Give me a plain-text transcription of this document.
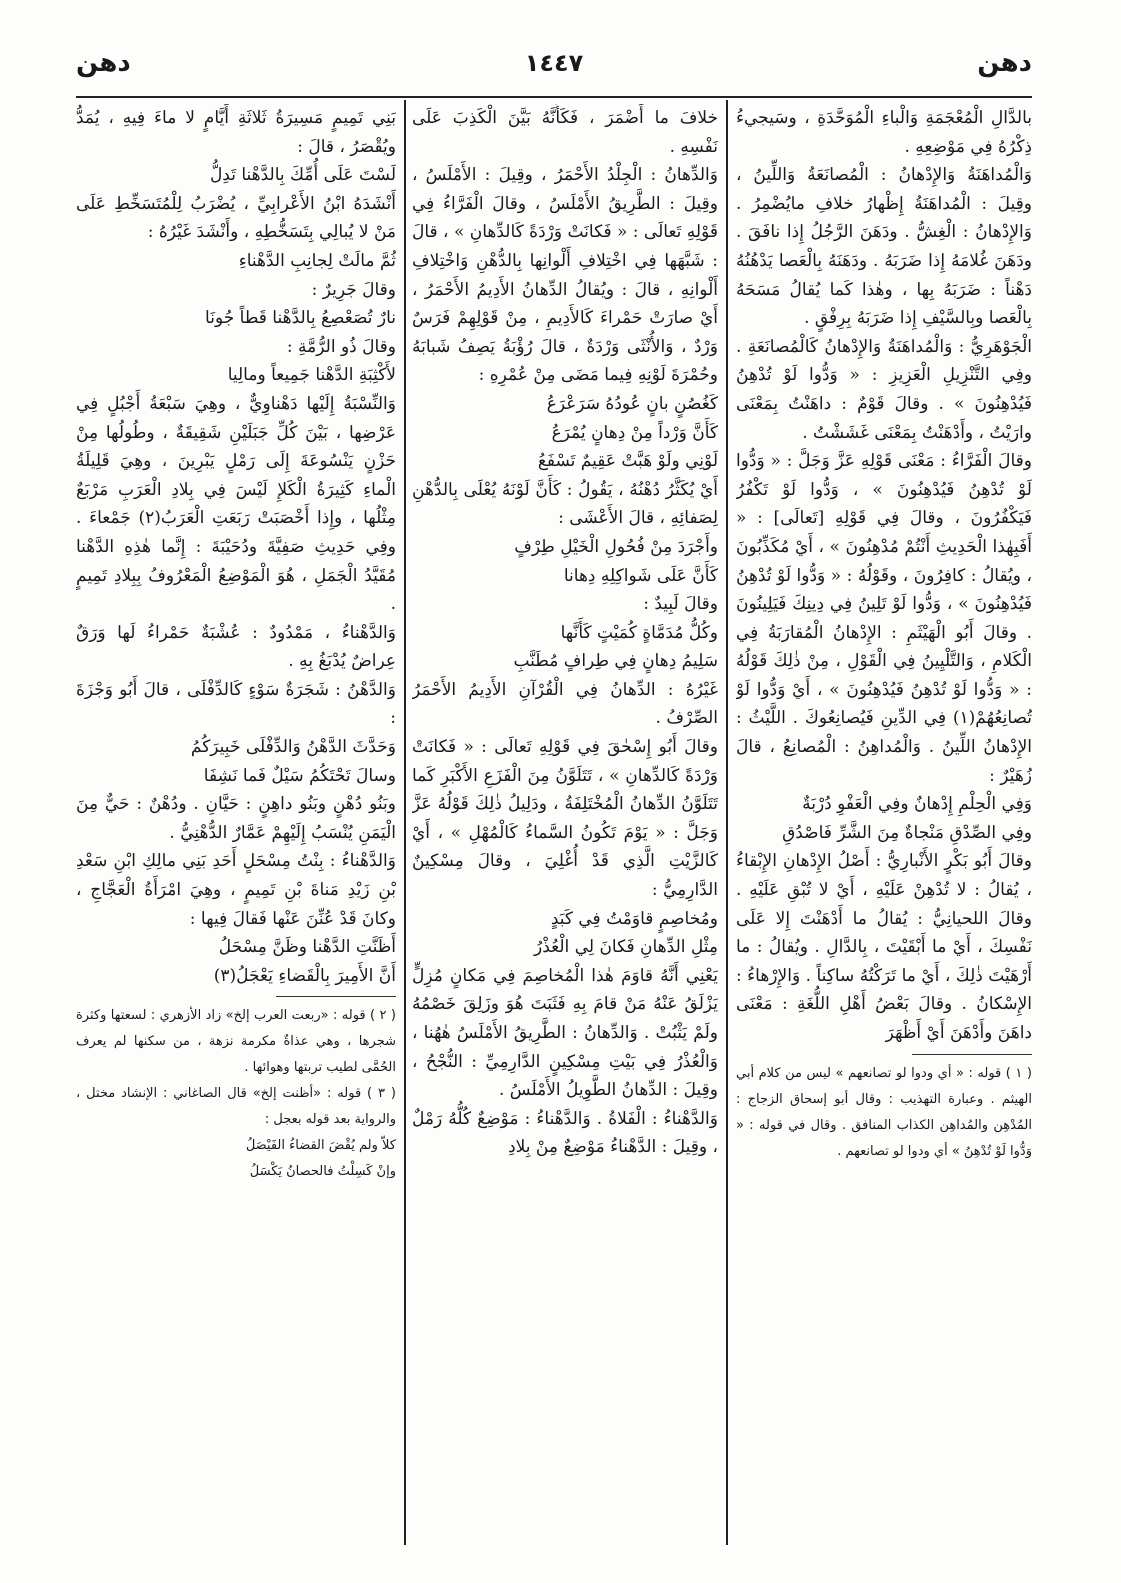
دهن
١٤٤٧
دهن

بالدَّالِ الْمُعْجَمَةِ وَالْباءِ الْمُوَحَّدَةِ ، وسَيجيءُ ذِكْرُهُ فِي مَوْضِعِهِ .

وَالْمُداهَنَةُ وَالإِدْهانُ : الْمُصانَعَةُ وَاللِّينُ ، وقِيلَ : الْمُداهَنَةُ إِظْهارُ خلافِ مايُضْمِرُ . وَالإِدْهانُ : الْغِشُّ . ودَهَنَ الرَّجُلُ إِذا نافَقَ . ودَهَنَ غُلامَهُ إِذا ضَرَبَهُ . ودَهَنَهُ بِالْعَصا يَدْهُنُهُ دَهْناً : ضَرَبَهُ بِها ، وهٰذا كَما يُقالُ مَسَحَهُ بِالْعَصا وبِالسَّيْفِ إِذا ضَرَبَهُ بِرِفْقٍ .

الْجَوْهَرِيُّ : وَالْمُداهَنَةُ وَالإِدْهانُ كَالْمُصانَعَةِ . وفِي التَّنْزِيلِ الْعَزِيزِ : « وَدُّوا لَوْ تُدْهِنُ فَيُدْهِنُونَ » . وقالَ قَوْمٌ : داهَنْتُ بِمَعْنَى وارَيْتُ ، وأَدْهَنْتُ بِمَعْنَى غَشَشْتُ .

وقالَ الْفَرَّاءُ : مَعْنَى قَوْلِهِ عَزَّ وَجَلَّ : « وَدُّوا لَوْ تُدْهِنُ فَيُدْهِنُونَ » ، وَدُّوا لَوْ تَكْفُرُ فَيَكْفُرُونَ ، وقالَ فِي قَوْلِهِ [تَعالَى] : « أَفَبِهٰذا الْحَدِيثِ أَنْتُمْ مُدْهِنُونَ » ، أَيْ مُكَذِّبُونَ ، ويُقالُ : كافِرُونَ ، وقَوْلُهُ : « وَدُّوا لَوْ تُدْهِنُ فَيُدْهِنُونَ » ، وَدُّوا لَوْ تَلِينُ فِي دِينِكَ فَيَلِينُونَ . وقالَ أَبُو الْهَيْثَمِ : الإِدْهانُ الْمُقارَبَةُ فِي الْكَلامِ ، وَالتَّلْيِينُ فِي الْقَوْلِ ، مِنْ ذٰلِكَ قَوْلُهُ : « وَدُّوا لَوْ تُدْهِنُ فَيُدْهِنُونَ » ، أَيْ وَدُّوا لَوْ تُصانِعُهُمْ(١) فِي الدِّينِ فَيُصانِعُوكَ . اللَّيْثُ : الإِدْهانُ اللِّينُ . وَالْمُداهِنُ : الْمُصانِعُ ، قالَ زُهَيْرٌ :

وَفِي الْحِلْمِ إِدْهانٌ وفِي الْعَفْوِ دُرْبَةٌ

وفِي الصِّدْقِ مَنْجاةٌ مِنَ الشَّرِّ فَاصْدُقِ

وقالَ أَبُو بَكْرٍ الأَنْبارِيُّ : أَصْلُ الإِدْهانِ الإِبْقاءُ ، يُقالُ : لا تُدْهِنْ عَلَيْهِ ، أَيْ لا تُبْقِ عَلَيْهِ . وقالَ اللحيانِيُّ : يُقالُ ما أَدْهَنْتَ إِلا عَلَى نَفْسِكَ ، أَيْ ما أَبْقَيْتَ ، بِالدَّالِ . ويُقالُ : ما أَرْهَيْتَ ذٰلِكَ ، أَيْ ما تَرَكْتُهُ ساكِناً . وَالإِرْهاءُ : الإِسْكانُ . وقالَ بَعْضُ أَهْلِ اللُّغَةِ : مَعْنَى داهَنَ وأَدْهَنَ أَيْ أَظْهَرَ

( ١ ) قوله : « أي ودوا لو تصانعهم » ليس من كلام أبي الهيثم . وعبارة التهذيب : وقال أبو إسحاق الزجاج : المُدْهِن والمُداهِن الكذاب المنافق . وقال في قوله : « وَدُّوا لَوْ تُدْهِنُ » أي ودوا لو تصانعهم .

خلافَ ما أَضْمَرَ ، فَكَأَنَّهُ بَيَّنَ الْكَذِبَ عَلَى نَفْسِهِ .

وَالدِّهانُ : الْجِلْدُ الأَحْمَرُ ، وقِيلَ : الأَمْلَسُ ، وقِيلَ : الطَّرِيقُ الأَمْلَسُ ، وقالَ الْفَرَّاءُ فِي قَوْلِهِ تَعالَى : « فَكانَتْ وَرْدَةً كَالدِّهانِ » ، قالَ : شَبَّهَها فِي اخْتِلافِ أَلْوانِها بِالدُّهْنِ وَاخْتِلافِ أَلْوانِهِ ، قالَ : ويُقالُ الدِّهانُ الأَدِيمُ الأَحْمَرُ ، أَيْ صارَتْ حَمْراءَ كَالأَدِيمِ ، مِنْ قَوْلِهِمْ فَرَسٌ وَرْدٌ ، وَالأُنْثَى وَرْدَةٌ ، قالَ رُؤْبَةُ يَصِفُ شَبابَهُ وحُمْرَةَ لَوْنِهِ فِيما مَضَى مِنْ عُمْرِهِ :

كَغُصُنٍ بانٍ عُودُهُ سَرَعْرَعُ

كَأَنَّ وَرْداً مِنْ دِهانٍ يُمْرَعُ

لَوْنِي ولَوْ هَبَّتْ عَقِيمٌ تَسْفَعُ

أَيْ يُكَثَّرُ دُهْنُهُ ، يَقُولُ : كَأَنَّ لَوْنَهُ يُعْلَى بِالدُّهْنِ لِصَفائِهِ ، قالَ الأَعْشَى :

وأَجْرَدَ مِنْ فُحُولِ الْخَيْلِ طِرْفٍ

كَأَنَّ عَلَى شَواكِلِهِ دِهانا

وقالَ لَبِيدٌ :

وكُلُّ مُدَمَّاةٍ كُمَيْتٍ كَأَنَّها

سَلِيمُ دِهانٍ فِي طِرافٍ مُطَنَّبِ

غَيْرُهُ : الدِّهانُ فِي الْقُرْآنِ الأَدِيمُ الأَحْمَرُ الصِّرْفُ .

وقالَ أَبُو إِسْحٰقَ فِي قَوْلِهِ تَعالَى : « فَكانَتْ وَرْدَةً كَالدِّهانِ » ، تَتَلَوَّنُ مِنَ الْفَزَعِ الأَكْبَرِ كَما تَتَلَوَّنُ الدِّهانُ الْمُخْتَلِفَةُ ، ودَلِيلُ ذٰلِكَ قَوْلُهُ عَزَّ وَجَلَّ : « يَوْمَ تَكُونُ السَّماءُ كَالْمُهْلِ » ، أَيْ كَالزَّيْتِ الَّذِي قَدْ أُغْلِيَ ، وقالَ مِسْكِينٌ الدَّارِمِيُّ :

ومُخاصِمٍ قاوَمْتُ فِي كَبَدٍ

مِثْلِ الدِّهانِ فَكانَ لِي الْعُذْرُ

يَعْنِي أَنَّهُ قاوَمَ هٰذا الْمُخاصِمَ فِي مَكانٍ مُزِلٍّ يَزْلَقُ عَنْهُ مَنْ قامَ بِهِ فَثَبَتَ هُوَ وزَلِقَ خَصْمُهُ ولَمْ يَثْبُتْ . وَالدِّهانُ : الطَّرِيقُ الأَمْلَسُ هٰهُنا ، وَالْعُذْرُ فِي بَيْتِ مِسْكِينٍ الدَّارِمِيِّ : النُّجْحُ ، وقِيلَ : الدِّهانُ الطَّوِيلُ الأَمْلَسُ .

وَالدَّهْناءُ : الْفَلاةُ . وَالدَّهْناءُ : مَوْضِعٌ كُلُّهُ رَمْلٌ ، وقِيلَ : الدَّهْناءُ مَوْضِعٌ مِنْ بِلادِ

بَنِي تَمِيمٍ مَسِيرَةُ ثَلاثَةِ أَيَّامٍ لا ماءَ فِيهِ ، يُمَدُّ ويُقْصَرُ ، قالَ :

لَسْتَ عَلَى أُمِّكَ بِالدَّهْنا تَدِلُّ

أَنْشَدَهُ ابْنُ الأَعْرابِيِّ ، يُضْرَبُ لِلْمُتَسَخِّطِ عَلَى مَنْ لا يُبالِي بِتَسَخُّطِهِ ، وأَنْشَدَ غَيْرُهُ :

ثُمَّ مالَتْ لِجانِبِ الدَّهْناءِ

وقالَ جَرِيرٌ :

نارٌ تُصَعْصِعُ بِالدَّهْنا قَطاً جُونَا

وقالَ ذُو الرُّمَّةِ :

لأَكْثِبَةِ الدَّهْنا جَمِيعاً ومالِيا

وَالنِّسْبَةُ إِلَيْها دَهْناوِيٌّ ، وهِيَ سَبْعَةُ أَجْبُلٍ فِي عَرْضِها ، بَيْنَ كُلِّ جَبَلَيْنِ شَقِيقَةٌ ، وطُولُها مِنْ حَزْنٍ يَنْسُوعَةَ إِلَى رَمْلٍ يَبْرِينَ ، وهِيَ قَلِيلَةُ الْماءِ كَثِيرَةُ الْكَلإِ لَيْسَ فِي بِلادِ الْعَرَبِ مَرْبَعٌ مِثْلُها ، وإِذا أَخْصَبَتْ رَبَعَتِ الْعَرَبُ(٢) جَمْعاءَ . وفِي حَدِيثِ صَفِيَّةَ ودُحَيْبَةَ : إِنَّما هٰذِهِ الدَّهْنا مُقَيَّدُ الْجَمَلِ ، هُوَ الْمَوْضِعُ الْمَعْرُوفُ بِبِلادِ تَمِيمٍ .

وَالدَّهْناءُ ، مَمْدُودٌ : عُشْبَةٌ حَمْراءُ لَها وَرَقٌ عِراضٌ يُدْبَغُ بِهِ .

وَالدَّهْنُ : شَجَرَةٌ سَوْءٍ كَالدِّفْلَى ، قالَ أَبُو وَجْزَةَ :

وَحَدَّثَ الدَّهْنُ وَالدِّفْلَى خَبِيرَكُمُ

وسالَ تَحْتَكُمُ سَيْلٌ فَما نَشِفَا

وبَنُو دُهْنٍ وبَنُو داهِنٍ : حَيَّانِ . ودُهْنٌ : حَيٌّ مِنَ الْيَمَنِ يُنْسَبُ إِلَيْهِمْ عَمَّارٌ الدُّهْنِيُّ .

وَالدَّهْناءُ : بِنْتُ مِسْحَلٍ أَحَدِ بَنِي مالِكِ ابْنِ سَعْدِ بْنِ زَيْدِ مَناةَ بْنِ تَمِيمٍ ، وهِيَ امْرَأَةُ الْعَجَّاجِ ، وكانَ قَدْ عُنِّنَ عَنْها فَقالَ فِيها :

أَظَنَّتِ الدَّهْنا وظَنَّ مِسْحَلُ

أَنَّ الأَمِيرَ بِالْقَضاءِ يَعْجَلُ(٣)

( ٢ ) قوله : «ربعت العرب إلخ» زاد الأزهري : لسعتها وكثرة شجرها ، وهي عذاةٌ مكرمة نزهة ، من سكنها لم يعرف الحُمَّى لطيب تربتها وهوائها .

( ٣ ) قوله : «أظنت إلخ» قال الصاغاني : الإنشاد مختل ، والرواية بعد قوله بعجل :

كلاّ ولم يُقْضَ القضاءُ الفَيْصَلُ

وإنْ كَسِلْتُ فالحصانُ يَكْسَلُ
